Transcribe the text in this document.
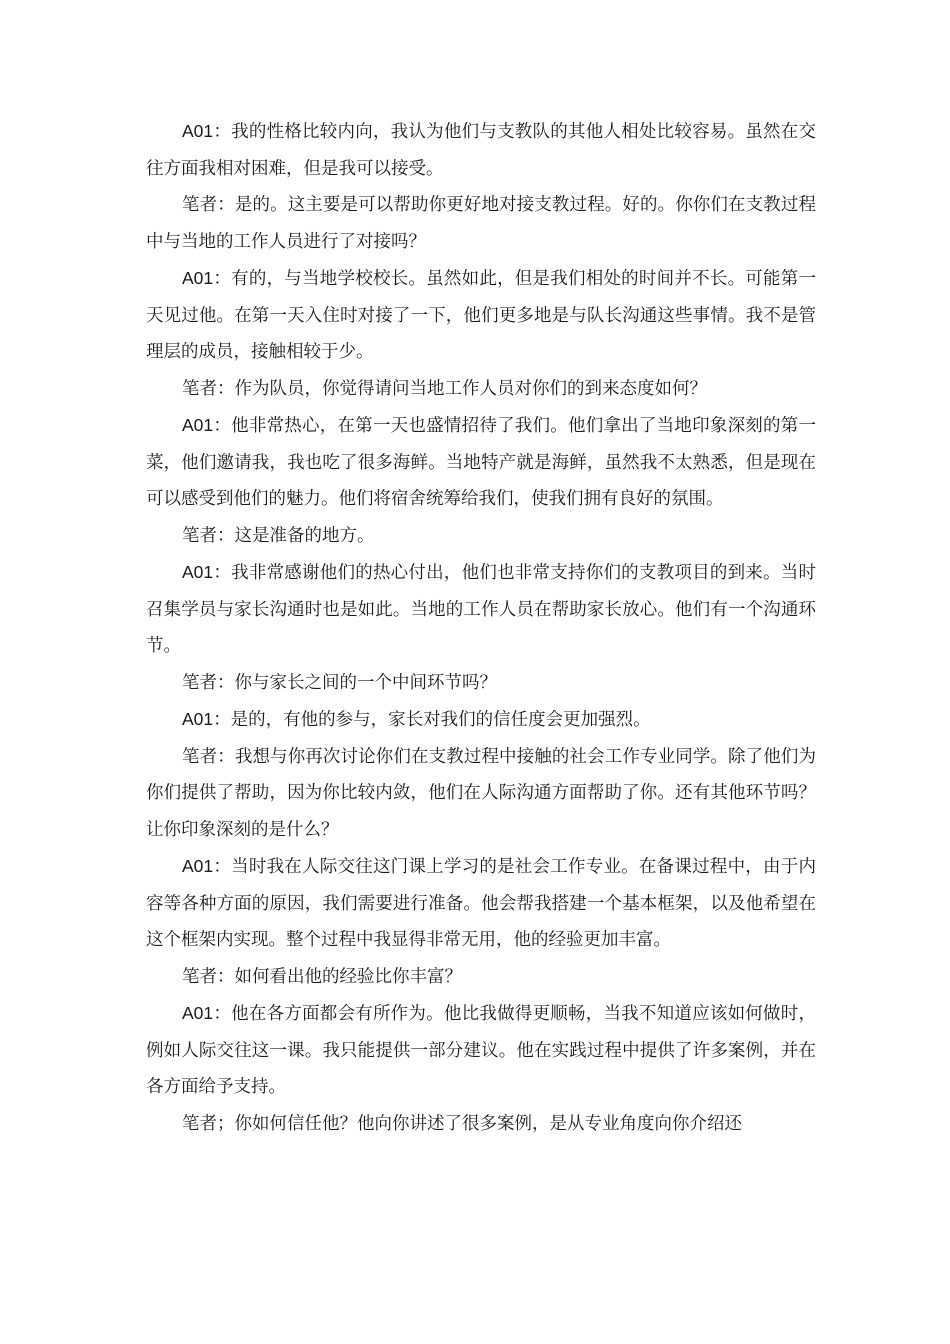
A01：我的性格比较内向，我认为他们与支教队的其他人相处比较容易。虽然在交往方面我相对困难，但是我可以接受。

笔者：是的。这主要是可以帮助你更好地对接支教过程。好的。你你们在支教过程中与当地的工作人员进行了对接吗？

A01：有的，与当地学校校长。虽然如此，但是我们相处的时间并不长。可能第一天见过他。在第一天入住时对接了一下，他们更多地是与队长沟通这些事情。我不是管理层的成员，接触相较于少。

笔者：作为队员，你觉得请问当地工作人员对你们的到来态度如何？

A01：他非常热心，在第一天也盛情招待了我们。他们拿出了当地印象深刻的第一菜，他们邀请我，我也吃了很多海鲜。当地特产就是海鲜，虽然我不太熟悉，但是现在可以感受到他们的魅力。他们将宿舍统筹给我们，使我们拥有良好的氛围。

笔者：这是准备的地方。

A01：我非常感谢他们的热心付出，他们也非常支持你们的支教项目的到来。当时召集学员与家长沟通时也是如此。当地的工作人员在帮助家长放心。他们有一个沟通环节。

笔者：你与家长之间的一个中间环节吗？

A01：是的，有他的参与，家长对我们的信任度会更加强烈。

笔者：我想与你再次讨论你们在支教过程中接触的社会工作专业同学。除了他们为你们提供了帮助，因为你比较内敛，他们在人际沟通方面帮助了你。还有其他环节吗？让你印象深刻的是什么？

A01：当时我在人际交往这门课上学习的是社会工作专业。在备课过程中，由于内容等各种方面的原因，我们需要进行准备。他会帮我搭建一个基本框架，以及他希望在这个框架内实现。整个过程中我显得非常无用，他的经验更加丰富。

笔者：如何看出他的经验比你丰富？

A01：他在各方面都会有所作为。他比我做得更顺畅，当我不知道应该如何做时，例如人际交往这一课。我只能提供一部分建议。他在实践过程中提供了许多案例，并在各方面给予支持。

笔者；你如何信任他？他向你讲述了很多案例，是从专业角度向你介绍还
